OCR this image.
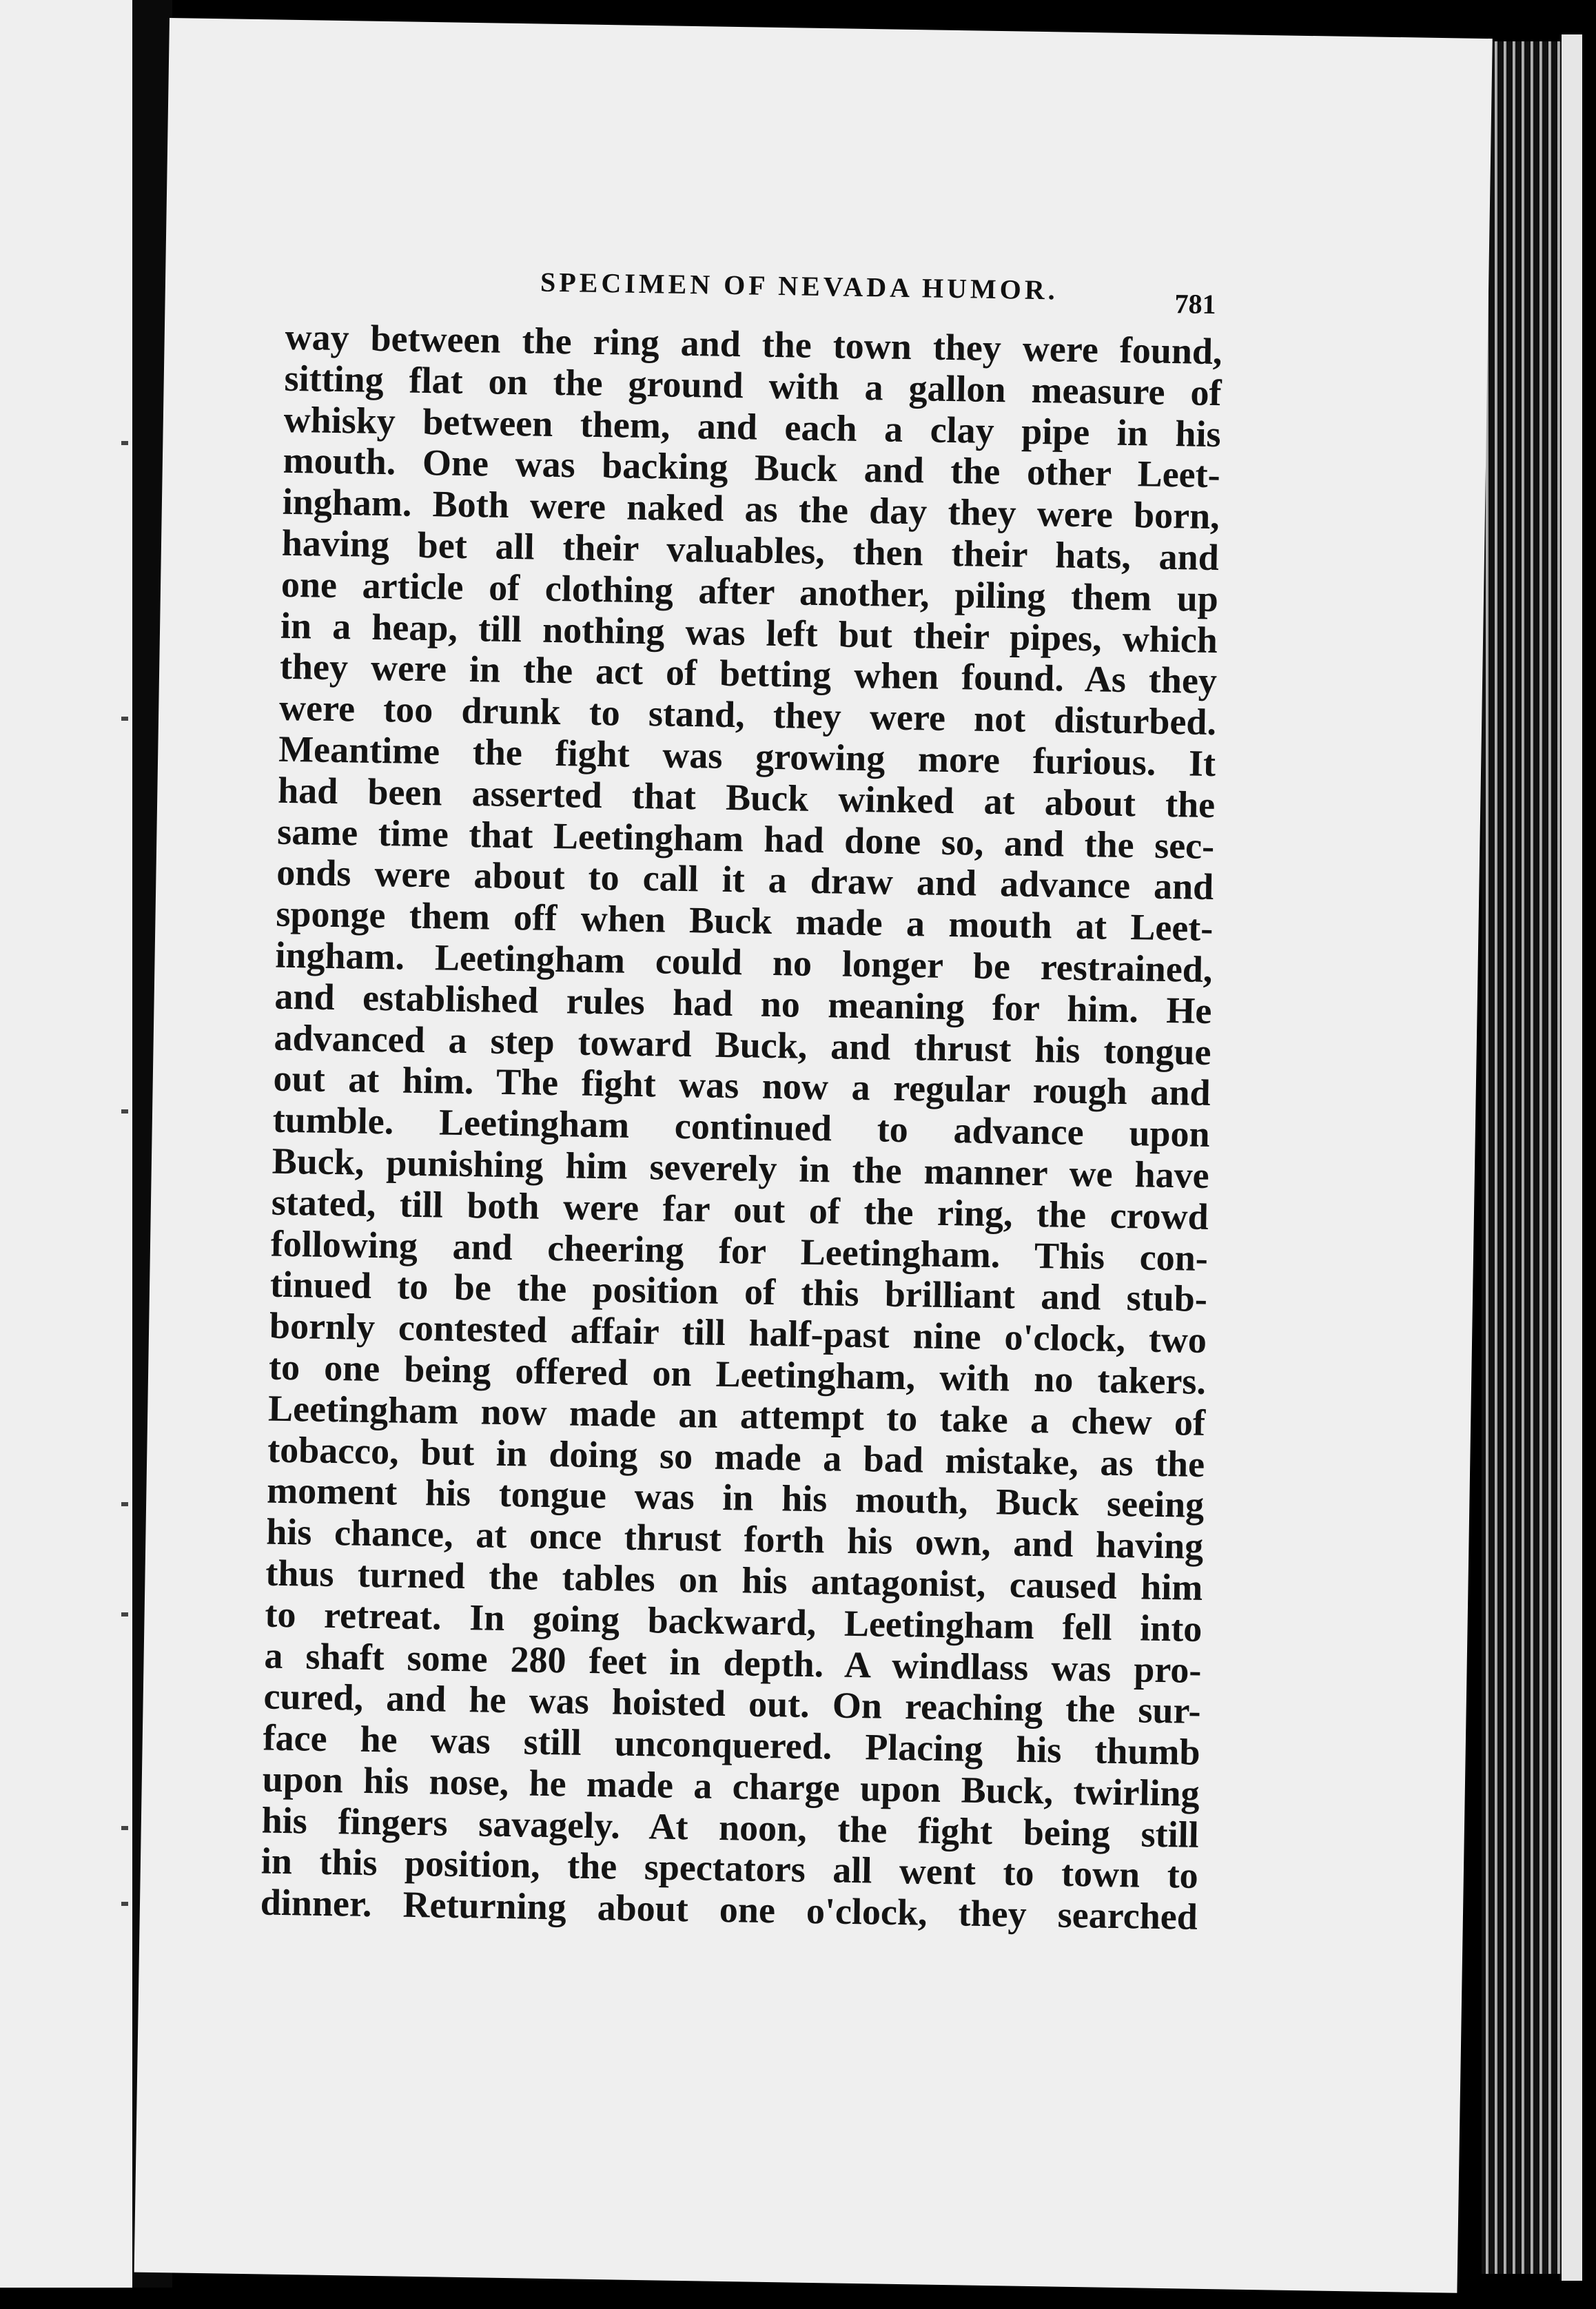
SPECIMEN OF NEVADA HUMOR.	781
way between the ring and the town they were found,
sitting flat on the ground with a gallon measure of
whisky between them, and each a clay pipe in his
mouth. One was backing Buck and the other Leet-
ingham. Both were naked as the day they were born,
having bet all their valuables, then their hats, and
one article of clothing after another, piling them up
in a heap, till nothing was left but their pipes, which
they were in the act of betting when found. As they
were too drunk to stand, they were not disturbed.
Meantime the fight was growing more furious. It
had been asserted that Buck winked at about the
same time that Leetingham had done so, and the sec-
onds were about to call it a draw and advance and
sponge them off when Buck made a mouth at Leet-
ingham. Leetingham could no longer be restrained,
and established rules had no meaning for him. He
advanced a step toward Buck, and thrust his tongue
out at him. The fight was now a regular rough and
tumble. Leetingham continued to advance upon
Buck, punishing him severely in the manner we have
stated, till both were far out of the ring, the crowd
following and cheering for Leetingham. This con-
tinued to be the position of this brilliant and stub-
bornly contested affair till half-past nine o'clock, two
to one being offered on Leetingham, with no takers.
Leetingham now made an attempt to take a chew of
tobacco, but in doing so made a bad mistake, as the
moment his tongue was in his mouth, Buck seeing
his chance, at once thrust forth his own, and having
thus turned the tables on his antagonist, caused him
to retreat. In going backward, Leetingham fell into
a shaft some 280 feet in depth. A windlass was pro-
cured, and he was hoisted out. On reaching the sur-
face he was still unconquered. Placing his thumb
upon his nose, he made a charge upon Buck, twirling
his fingers savagely. At noon, the fight being still
in this position, the spectators all went to town to
dinner. Returning about one o'clock, they searched
